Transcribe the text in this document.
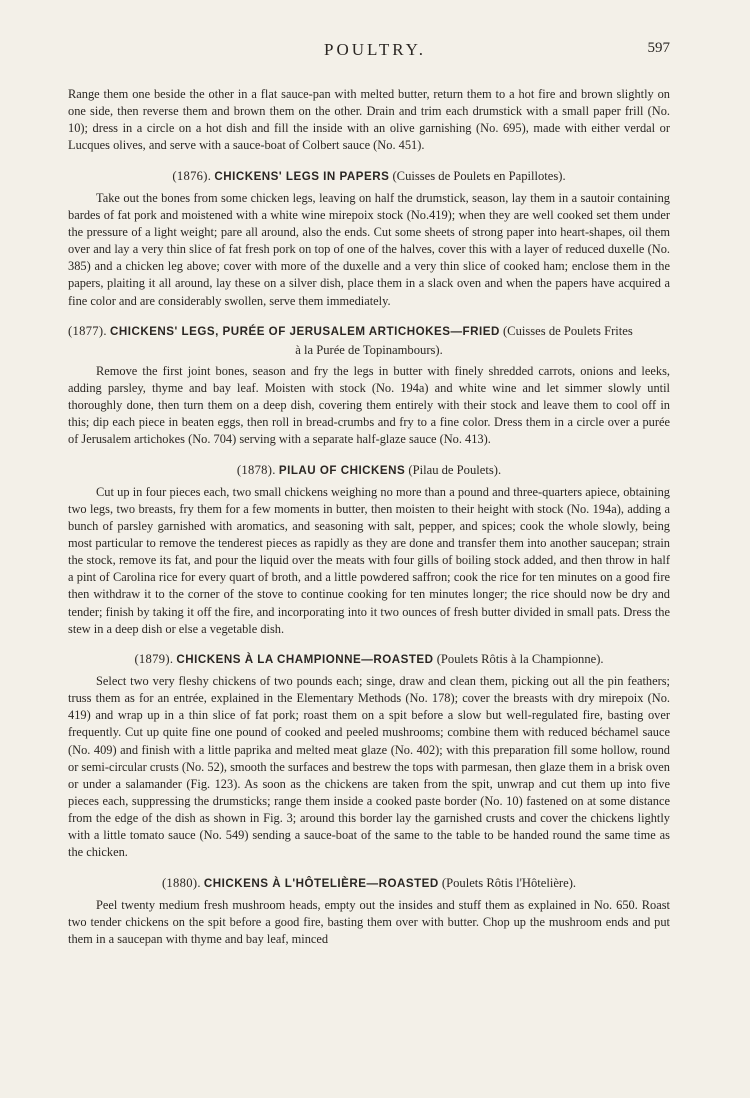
POULTRY.	597

Range them one beside the other in a flat sauce-pan with melted butter, return them to a hot fire and brown slightly on one side, then reverse them and brown them on the other. Drain and trim each drumstick with a small paper frill (No. 10); dress in a circle on a hot dish and fill the inside with an olive garnishing (No. 695), made with either verdal or Lucques olives, and serve with a sauce-boat of Colbert sauce (No. 451).

(1876). CHICKENS' LEGS IN PAPERS (Cuisses de Poulets en Papillotes).

Take out the bones from some chicken legs, leaving on half the drumstick, season, lay them in a sautoir containing bardes of fat pork and moistened with a white wine mirepoix stock (No.419); when they are well cooked set them under the pressure of a light weight; pare all around, also the ends. Cut some sheets of strong paper into heart-shapes, oil them over and lay a very thin slice of fat fresh pork on top of one of the halves, cover this with a layer of reduced duxelle (No. 385) and a chicken leg above; cover with more of the duxelle and a very thin slice of cooked ham; enclose them in the papers, plaiting it all around, lay these on a silver dish, place them in a slack oven and when the papers have acquired a fine color and are considerably swollen, serve them immediately.

(1877). CHICKENS' LEGS, PURÉE OF JERUSALEM ARTICHOKES—FRIED (Cuisses de Poulets Frites
à la Purée de Topinambours).

Remove the first joint bones, season and fry the legs in butter with finely shredded carrots, onions and leeks, adding parsley, thyme and bay leaf. Moisten with stock (No. 194a) and white wine and let simmer slowly until thoroughly done, then turn them on a deep dish, covering them entirely with their stock and leave them to cool off in this; dip each piece in beaten eggs, then roll in bread-crumbs and fry to a fine color. Dress them in a circle over a purée of Jerusalem artichokes (No. 704) serving with a separate half-glaze sauce (No. 413).

(1878). PILAU OF CHICKENS (Pilau de Poulets).

Cut up in four pieces each, two small chickens weighing no more than a pound and three-quarters apiece, obtaining two legs, two breasts, fry them for a few moments in butter, then moisten to their height with stock (No. 194a), adding a bunch of parsley garnished with aromatics, and seasoning with salt, pepper, and spices; cook the whole slowly, being most particular to remove the tenderest pieces as rapidly as they are done and transfer them into another saucepan; strain the stock, remove its fat, and pour the liquid over the meats with four gills of boiling stock added, and then throw in half a pint of Carolina rice for every quart of broth, and a little powdered saffron; cook the rice for ten minutes on a good fire then withdraw it to the corner of the stove to continue cooking for ten minutes longer; the rice should now be dry and tender; finish by taking it off the fire, and incorporating into it two ounces of fresh butter divided in small pats. Dress the stew in a deep dish or else a vegetable dish.

(1879). CHICKENS À LA CHAMPIONNE—ROASTED (Poulets Rôtis à la Championne).

Select two very fleshy chickens of two pounds each; singe, draw and clean them, picking out all the pin feathers; truss them as for an entrée, explained in the Elementary Methods (No. 178); cover the breasts with dry mirepoix (No. 419) and wrap up in a thin slice of fat pork; roast them on a spit before a slow but well-regulated fire, basting over frequently. Cut up quite fine one pound of cooked and peeled mushrooms; combine them with reduced béchamel sauce (No. 409) and finish with a little paprika and melted meat glaze (No. 402); with this preparation fill some hollow, round or semi-circular crusts (No. 52), smooth the surfaces and bestrew the tops with parmesan, then glaze them in a brisk oven or under a salamander (Fig. 123). As soon as the chickens are taken from the spit, unwrap and cut them up into five pieces each, suppressing the drumsticks; range them inside a cooked paste border (No. 10) fastened on at some distance from the edge of the dish as shown in Fig. 3; around this border lay the garnished crusts and cover the chickens lightly with a little tomato sauce (No. 549) sending a sauce-boat of the same to the table to be handed round the same time as the chicken.

(1880). CHICKENS À L'HÔTELIÈRE—ROASTED (Poulets Rôtis l'Hôtelière).

Peel twenty medium fresh mushroom heads, empty out the insides and stuff them as explained in No. 650. Roast two tender chickens on the spit before a good fire, basting them over with butter. Chop up the mushroom ends and put them in a saucepan with thyme and bay leaf, minced
